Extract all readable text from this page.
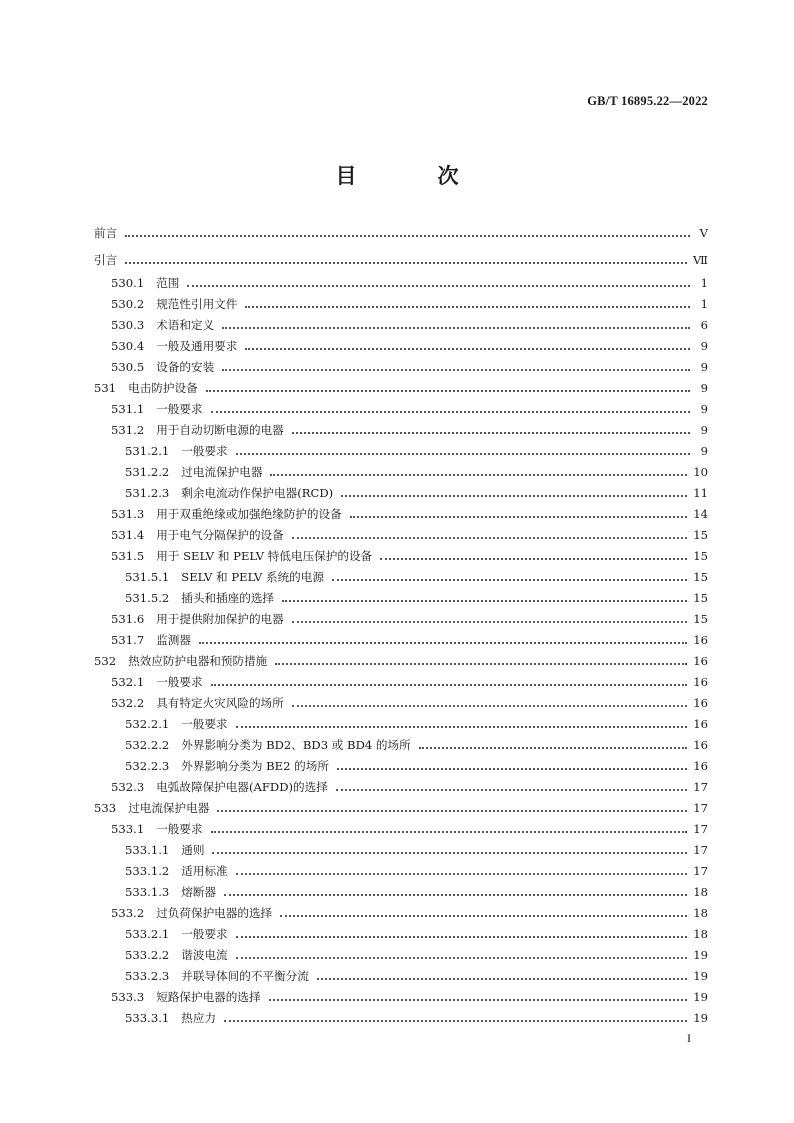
GB/T 16895.22—2022
目　次
前言	Ⅴ
引言	Ⅶ
530.1 范围	1
530.2 规范性引用文件	1
530.3 术语和定义	6
530.4 一般及通用要求	9
530.5 设备的安装	9
531 电击防护设备	9
531.1 一般要求	9
531.2 用于自动切断电源的电器	9
531.2.1 一般要求	9
531.2.2 过电流保护电器	10
531.2.3 剩余电流动作保护电器(RCD)	11
531.3 用于双重绝缘或加强绝缘防护的设备	14
531.4 用于电气分隔保护的设备	15
531.5 用于 SELV 和 PELV 特低电压保护的设备	15
531.5.1 SELV 和 PELV 系统的电源	15
531.5.2 插头和插座的选择	15
531.6 用于提供附加保护的电器	15
531.7 监测器	16
532 热效应防护电器和预防措施	16
532.1 一般要求	16
532.2 具有特定火灾风险的场所	16
532.2.1 一般要求	16
532.2.2 外界影响分类为 BD2、BD3 或 BD4 的场所	16
532.2.3 外界影响分类为 BE2 的场所	16
532.3 电弧故障保护电器(AFDD)的选择	17
533 过电流保护电器	17
533.1 一般要求	17
533.1.1 通则	17
533.1.2 适用标准	17
533.1.3 熔断器	18
533.2 过负荷保护电器的选择	18
533.2.1 一般要求	18
533.2.2 谐波电流	19
533.2.3 并联导体间的不平衡分流	19
533.3 短路保护电器的选择	19
533.3.1 热应力	19
I
